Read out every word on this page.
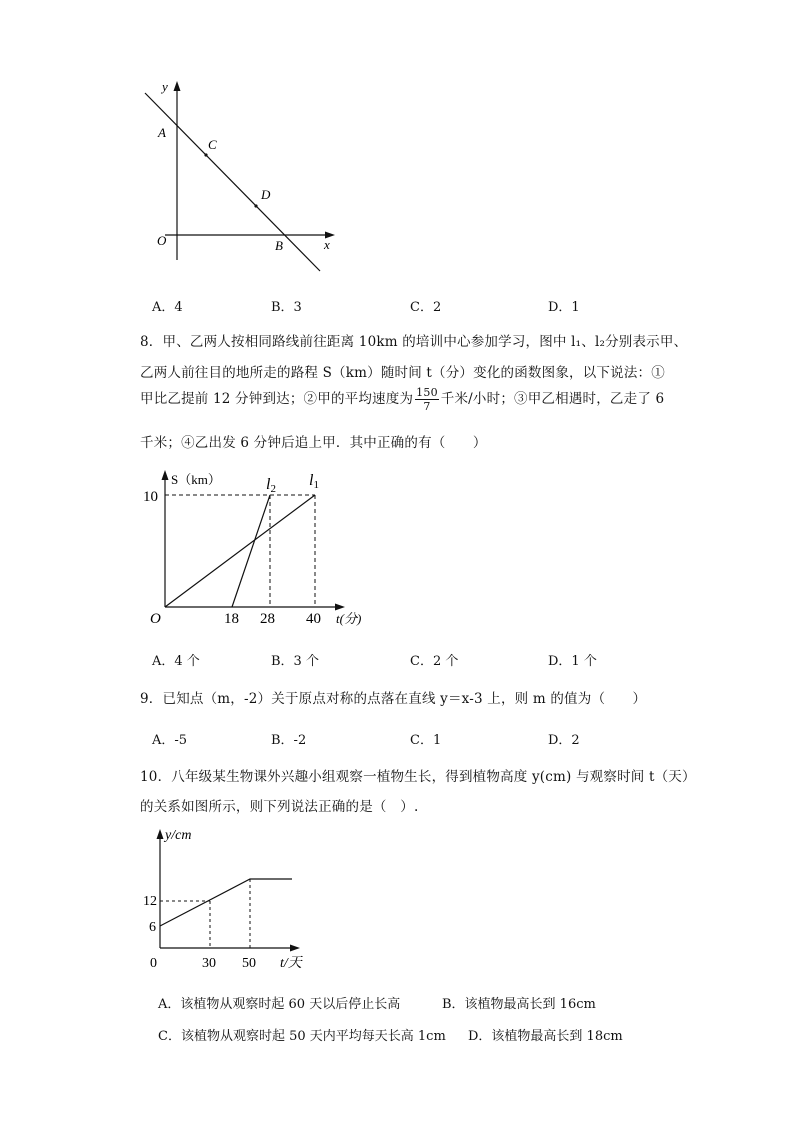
y
x
A
C
D
O	B
A．4	B．3	C．2	D．1
8．甲、乙两人按相同路线前往距离 10km 的培训中心参加学习，图中 l₁、l₂分别表示甲、
乙两人前往目的地所走的路程 S（km）随时间 t（分）变化的函数图象，以下说法：①
甲比乙提前 12 分钟到达；②甲的平均速度为 $\frac{150}{7}$ 千米/小时；③甲乙相遇时，乙走了 6
千米；④乙出发 6 分钟后追上甲．其中正确的有（　　）
S（km）
10
O	18 28 40 t(分)
l2 l1
A．4 个	B．3 个	C．2 个	D．1 个
9．已知点（m，-2）关于原点对称的点落在直线 y＝x-3 上，则 m 的值为（　　）
A．-5	B．-2	C．1	D．2
10．八年级某生物课外兴趣小组观察一植物生长，得到植物高度 y(cm) 与观察时间 t（天）
的关系如图所示，则下列说法正确的是（　）.
y/cm
12
6
0	30 50 t/天
A．该植物从观察时起 60 天以后停止长高	B．该植物最高长到 16cm
C．该植物从观察时起 50 天内平均每天长高 1cm D．该植物最高长到 18cm
